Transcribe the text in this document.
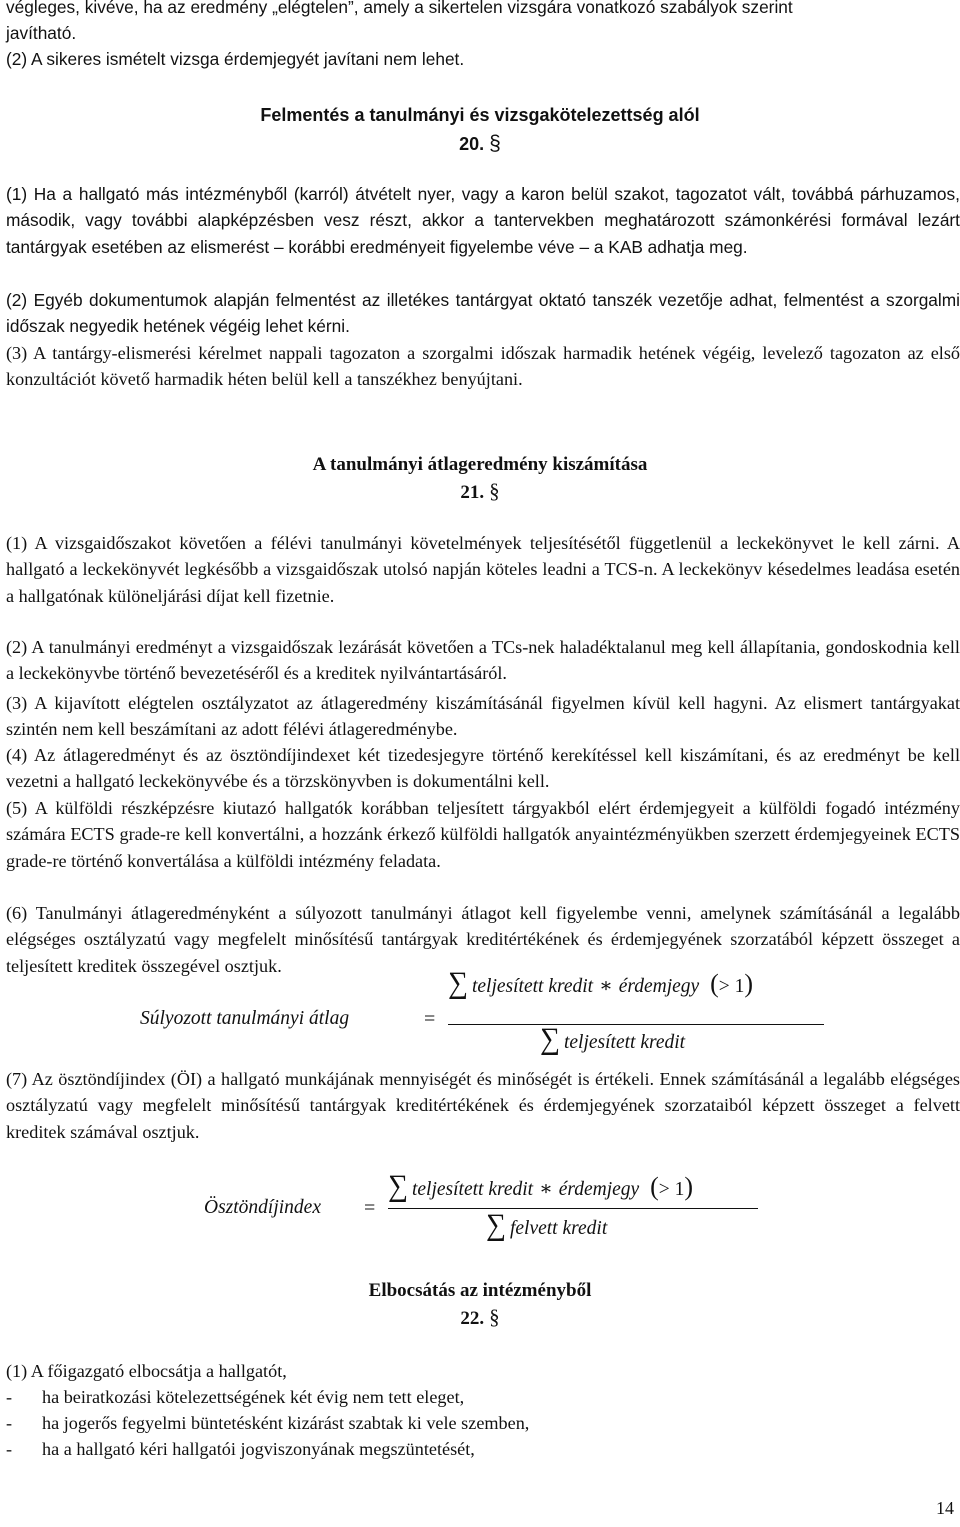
végleges, kivéve, ha az eredmény „elégtelen”, amely a sikertelen vizsgára vonatkozó szabályok szerint
javítható.
(2) A sikeres ismételt vizsga érdemjegyét javítani nem lehet.
Felmentés a tanulmányi és vizsgakötelezettség alól
20. §

(1) Ha a hallgató más intézményből (karról) átvételt nyer, vagy a karon belül szakot, tagozatot vált, továbbá párhuzamos, második, vagy további alapképzésben vesz részt, akkor a tantervekben meghatározott számonkérési formával lezárt tantárgyak esetében az elismerést – korábbi eredményeit figyelembe véve – a KAB adhatja meg.

(2) Egyéb dokumentumok alapján felmentést az illetékes tantárgyat oktató tanszék vezetője adhat, felmentést a szorgalmi időszak negyedik hetének végéig lehet kérni.

(3) A tantárgy-elismerési kérelmet nappali tagozaton a szorgalmi időszak harmadik hetének végéig, levelező tagozaton az első konzultációt követő harmadik héten belül kell a tanszékhez benyújtani.

A tanulmányi átlageredmény kiszámítása
21. §

(1) A vizsgaidőszakot követően a félévi tanulmányi követelmények teljesítésétől függetlenül a leckekönyvet le kell zárni. A hallgató a leckekönyvét legkésőbb a vizsgaidőszak utolsó napján köteles leadni a TCS-n. A leckekönyv késedelmes leadása esetén a hallgatónak különeljárási díjat kell fizetnie.

(2) A tanulmányi eredményt a vizsgaidőszak lezárását követően a TCs-nek haladéktalanul meg kell állapítania, gondoskodnia kell a leckekönyvbe történő bevezetéséről és a kreditek nyilvántartásáról.

(3) A kijavított elégtelen osztályzatot az átlageredmény kiszámításánál figyelmen kívül kell hagyni. Az elismert tantárgyakat szintén nem kell beszámítani az adott félévi átlageredménybe.

(4) Az átlageredményt és az ösztöndíjindexet két tizedesjegyre történő kerekítéssel kell kiszámítani, és az eredményt be kell vezetni a hallgató leckekönyvébe és a törzskönyvben is dokumentálni kell.

(5) A külföldi részképzésre kiutazó hallgatók korábban teljesített tárgyakból elért érdemjegyeit a külföldi fogadó intézmény számára ECTS grade-re kell konvertálni, a hozzánk érkező külföldi hallgatók anyaintézményükben szerzett érdemjegyeinek ECTS grade-re történő konvertálása a külföldi intézmény feladata.

(6) Tanulmányi átlageredményként a súlyozott tanulmányi átlagot kell figyelembe venni, amelynek számításánál a legalább elégséges osztályzatú vagy megfelelt minősítésű tantárgyak kreditértékének és érdemjegyének szorzatából képzett összeget a teljesített kreditek összegével osztjuk.

Súlyozott tanulmányi átlag	=
∑ teljesített kredit ∗ érdemjegy (> 1)
∑ teljesített kredit

(7) Az ösztöndíjindex (ÖI) a hallgató munkájának mennyiségét és minőségét is értékeli. Ennek számításánál a legalább elégséges osztályzatú vagy megfelelt minősítésű tantárgyak kreditértékének és érdemjegyének szorzataiból képzett összeget a felvett kreditek számával osztjuk.

Ösztöndíjindex =
∑ teljesített kredit ∗ érdemjegy (> 1)
∑ felvett kredit
Elbocsátás az intézményből
22. §
(1) A főigazgató elbocsátja a hallgatót,
- ha beiratkozási kötelezettségének két évig nem tett eleget,
- ha jogerős fegyelmi büntetésként kizárást szabtak ki vele szemben,
- ha a hallgató kéri hallgatói jogviszonyának megszüntetését,
14
